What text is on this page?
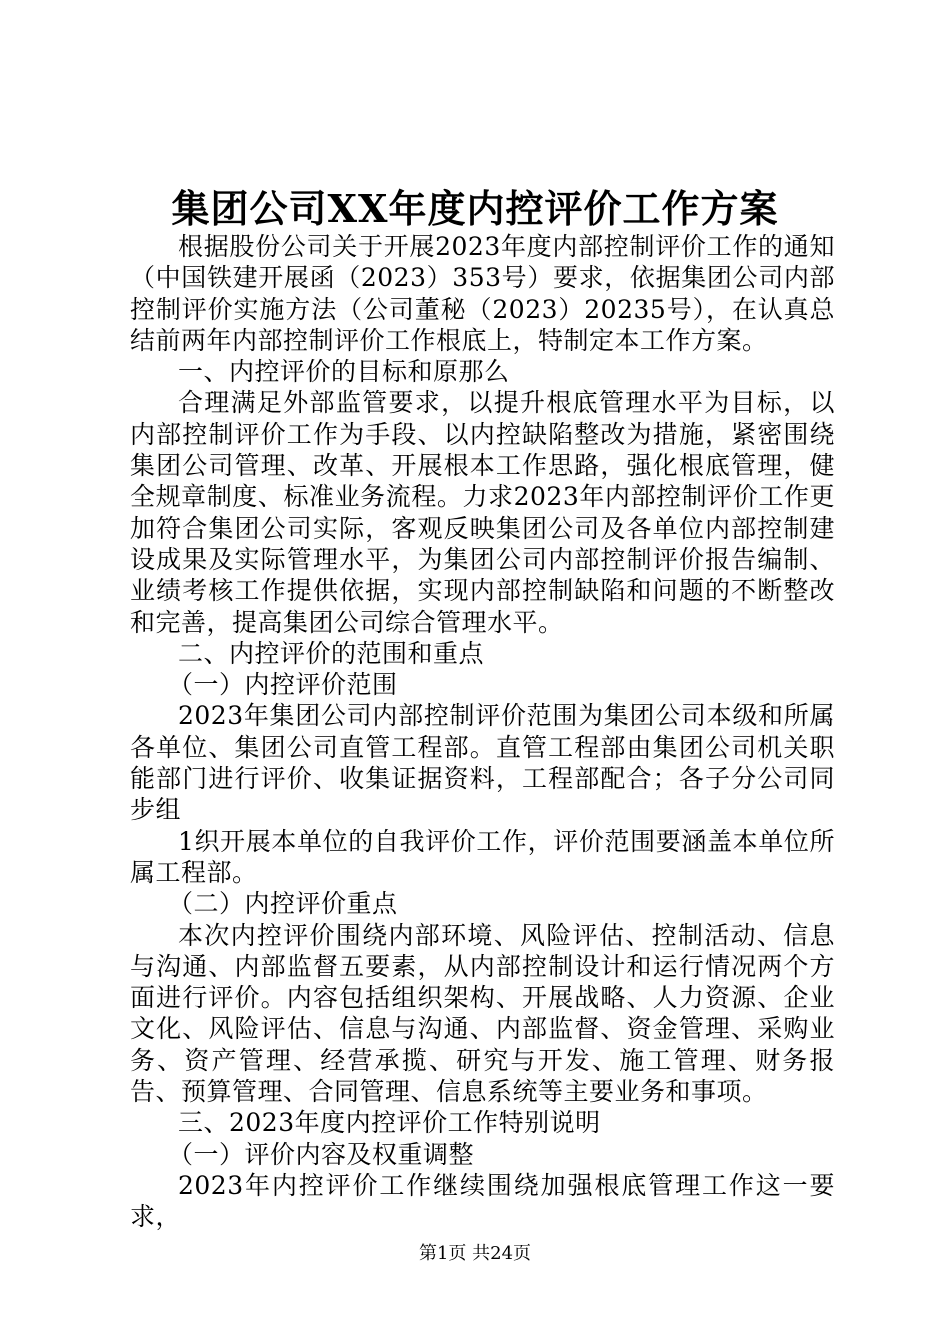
集团公司XX年度内控评价工作方案

根据股份公司关于开展2023年度内部控制评价工作的通知（中国铁建开展函（2023）353号）要求，依据集团公司内部控制评价实施方法（公司董秘（2023）20235号），在认真总结前两年内部控制评价工作根底上，特制定本工作方案。

一、内控评价的目标和原那么

合理满足外部监管要求，以提升根底管理水平为目标，以内部控制评价工作为手段、以内控缺陷整改为措施，紧密围绕集团公司管理、改革、开展根本工作思路，强化根底管理，健全规章制度、标准业务流程。力求2023年内部控制评价工作更加符合集团公司实际，客观反映集团公司及各单位内部控制建设成果及实际管理水平，为集团公司内部控制评价报告编制、业绩考核工作提供依据，实现内部控制缺陷和问题的不断整改和完善，提高集团公司综合管理水平。

二、内控评价的范围和重点

（一）内控评价范围

2023年集团公司内部控制评价范围为集团公司本级和所属各单位、集团公司直管工程部。直管工程部由集团公司机关职能部门进行评价、收集证据资料，工程部配合；各子分公司同步组

1织开展本单位的自我评价工作，评价范围要涵盖本单位所属工程部。

（二）内控评价重点

本次内控评价围绕内部环境、风险评估、控制活动、信息与沟通、内部监督五要素，从内部控制设计和运行情况两个方面进行评价。内容包括组织架构、开展战略、人力资源、企业文化、风险评估、信息与沟通、内部监督、资金管理、采购业务、资产管理、经营承揽、研究与开发、施工管理、财务报告、预算管理、合同管理、信息系统等主要业务和事项。

三、2023年度内控评价工作特别说明

（一）评价内容及权重调整

2023年内控评价工作继续围绕加强根底管理工作这一要求，

第1页 共24页
